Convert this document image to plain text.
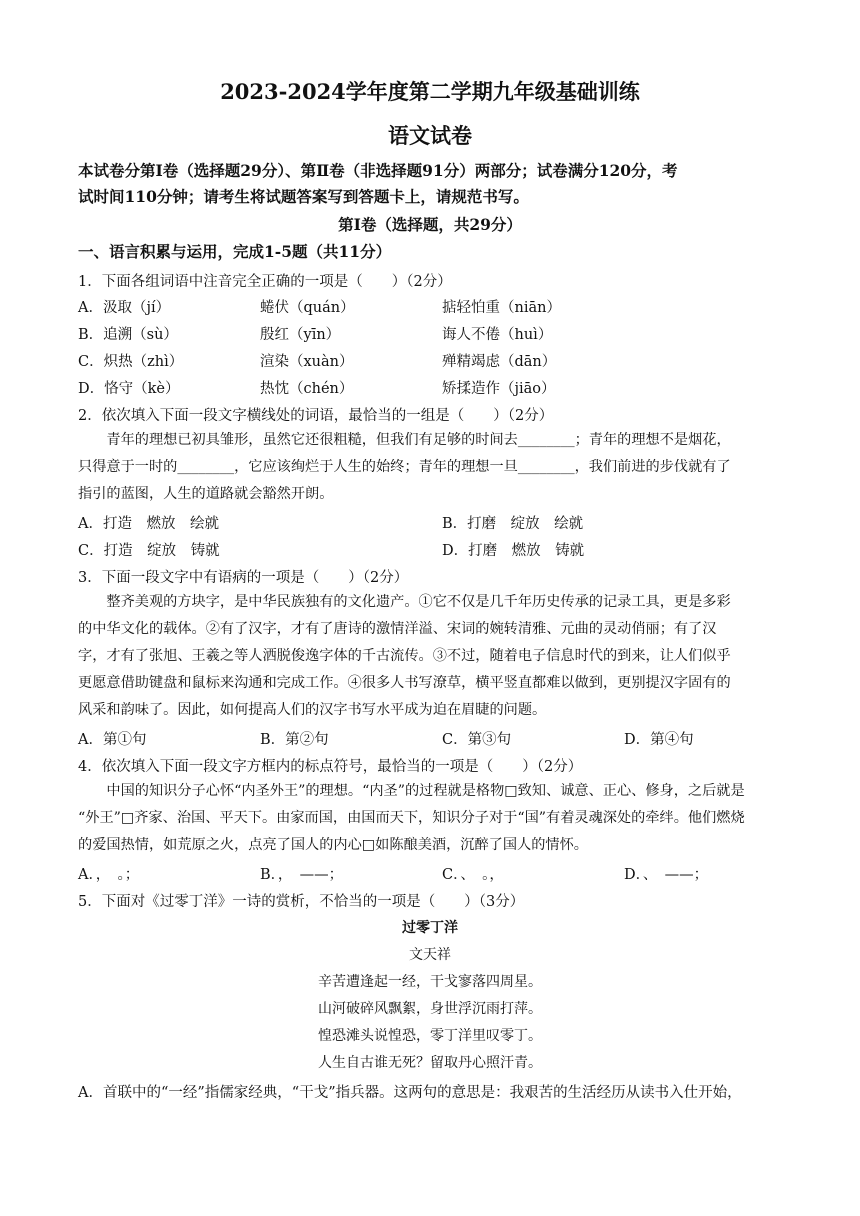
2023-2024学年度第二学期九年级基础训练
语文试卷
本试卷分第Ⅰ卷（选择题29分）、第Ⅱ卷（非选择题91分）两部分；试卷满分120分，考
试时间110分钟；请考生将试题答案写到答题卡上，请规范书写。
第Ⅰ卷（选择题，共29分）
一、语言积累与运用，完成1-5题（共11分）
1．下面各组词语中注音完全正确的一项是（　　）（2分）
A．汲取（jí）	蜷伏（quán）	掂轻怕重（niān）
B．追溯（sù）	殷红（yīn）	诲人不倦（huì）
C．炽热（zhì）	渲染（xuàn）	殚精竭虑（dān）
D．恪守（kè）	热忱（chén）	矫揉造作（jiāo）
2．依次填入下面一段文字横线处的词语，最恰当的一组是（　　）（2分）

青年的理想已初具雏形，虽然它还很粗糙，但我们有足够的时间去________；青年的理想不是烟花，

只得意于一时的________，它应该绚烂于人生的始终；青年的理想一旦________，我们前进的步伐就有了
指引的蓝图，人生的道路就会豁然开朗。
A．打造　燃放　绘就	B．打磨　绽放　绘就
C．打造　绽放　铸就	D．打磨　燃放　铸就
3．下面一段文字中有语病的一项是（　　）（2分）

整齐美观的方块字，是中华民族独有的文化遗产。①它不仅是几千年历史传承的记录工具，更是多彩

的中华文化的载体。②有了汉字，才有了唐诗的激情洋溢、宋词的婉转清雅、元曲的灵动俏丽；有了汉
字，才有了张旭、王羲之等人洒脱俊逸字体的千古流传。③不过，随着电子信息时代的到来，让人们似乎
更愿意借助键盘和鼠标来沟通和完成工作。④很多人书写潦草，横平竖直都难以做到，更别提汉字固有的
风采和韵味了。因此，如何提高人们的汉字书写水平成为迫在眉睫的问题。
A．第①句	B．第②句	C．第③句	D．第④句
4．依次填入下面一段文字方框内的标点符号，最恰当的一项是（　　）（2分）

中国的知识分子心怀“内圣外王”的理想。“内圣”的过程就是格物□致知、诚意、正心、修身，之后就是

“外王”□齐家、治国、平天下。由家而国，由国而天下，知识分子对于“国”有着灵魂深处的牵绊。他们燃烧
的爱国热情，如荒原之火，点亮了国人的内心□如陈酿美酒，沉醉了国人的情怀。
A．，　。；	B．，　——；	C．、　。，	D．、　——；
5．下面对《过零丁洋》一诗的赏析，不恰当的一项是（　　）（3分）
过零丁洋
文天祥
辛苦遭逢起一经，干戈寥落四周星。
山河破碎风飘絮，身世浮沉雨打萍。
惶恐滩头说惶恐，零丁洋里叹零丁。
人生自古谁无死？留取丹心照汗青。
A．首联中的“一经”指儒家经典，“干戈”指兵器。这两句的意思是：我艰苦的生活经历从读书入仕开始，
